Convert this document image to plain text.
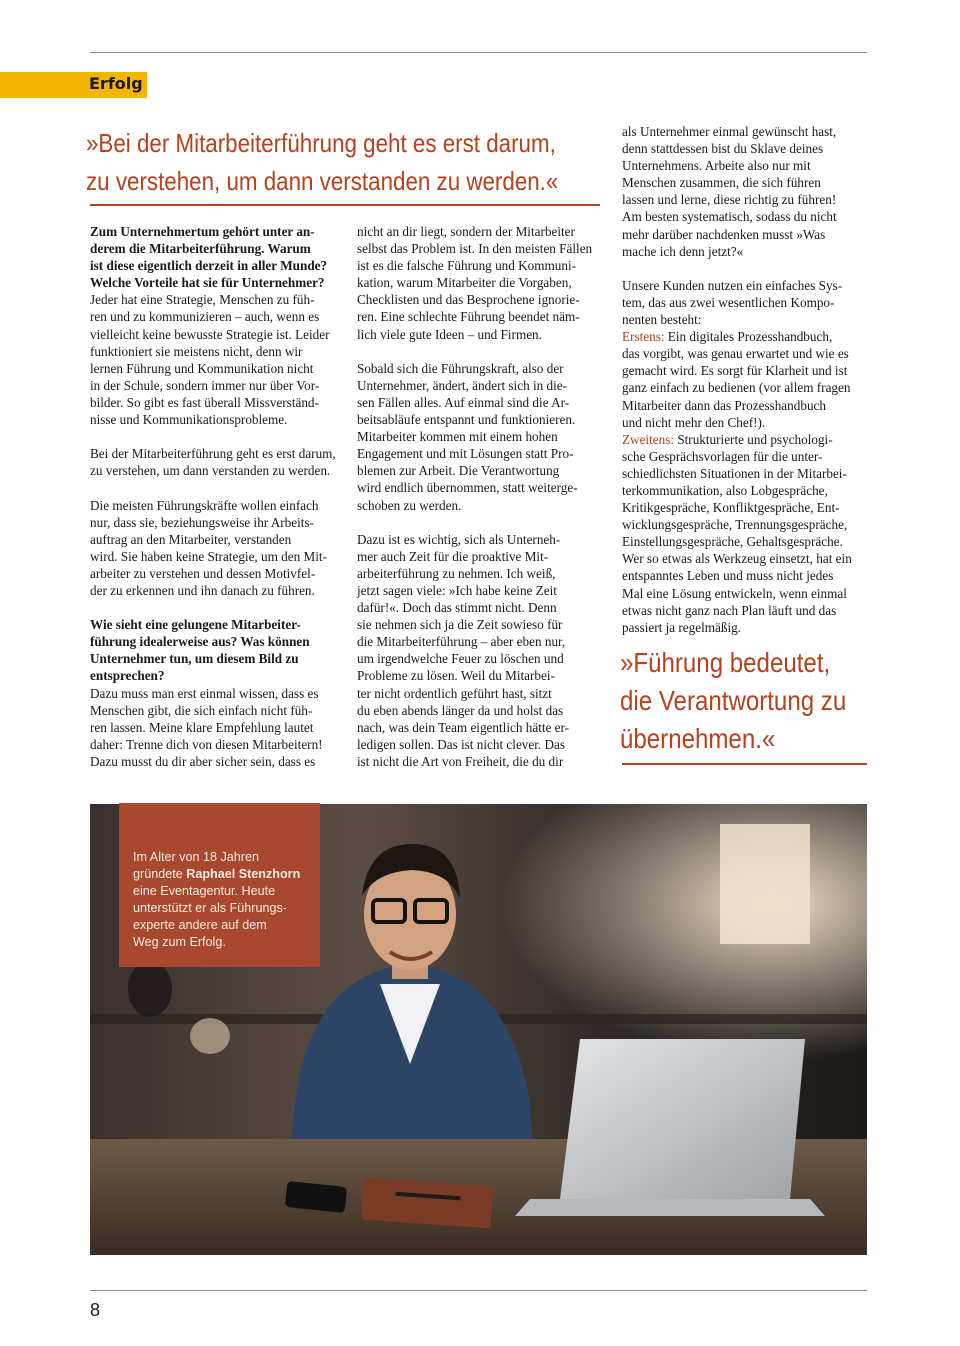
Erfolg
»Bei der Mitarbeiterführung geht es erst darum,
zu verstehen, um dann verstanden zu werden.«
Zum Unternehmertum gehört unter an-
derem die Mitarbeiterführung. Warum
ist diese eigentlich derzeit in aller Munde?
Welche Vorteile hat sie für Unternehmer?
Jeder hat eine Strategie, Menschen zu füh-
ren und zu kommunizieren – auch, wenn es
vielleicht keine bewusste Strategie ist. Leider
funktioniert sie meistens nicht, denn wir
lernen Führung und Kommunikation nicht
in der Schule, sondern immer nur über Vor-
bilder. So gibt es fast überall Missverständ-
nisse und Kommunikationsprobleme.
Bei der Mitarbeiterführung geht es erst darum,
zu verstehen, um dann verstanden zu werden.
Die meisten Führungskräfte wollen einfach
nur, dass sie, beziehungsweise ihr Arbeits-
auftrag an den Mitarbeiter, verstanden
wird. Sie haben keine Strategie, um den Mit-
arbeiter zu verstehen und dessen Motivfel-
der zu erkennen und ihn danach zu führen.
Wie sieht eine gelungene Mitarbeiter-
führung idealerweise aus? Was können
Unternehmer tun, um diesem Bild zu
entsprechen?
Dazu muss man erst einmal wissen, dass es
Menschen gibt, die sich einfach nicht füh-
ren lassen. Meine klare Empfehlung lautet
daher: Trenne dich von diesen Mitarbeitern!
Dazu musst du dir aber sicher sein, dass es
nicht an dir liegt, sondern der Mitarbeiter
selbst das Problem ist. In den meisten Fällen
ist es die falsche Führung und Kommuni-
kation, warum Mitarbeiter die Vorgaben,
Checklisten und das Besprochene ignorie-
ren. Eine schlechte Führung beendet näm-
lich viele gute Ideen – und Firmen.
Sobald sich die Führungskraft, also der
Unternehmer, ändert, ändert sich in die-
sen Fällen alles. Auf einmal sind die Ar-
beitsabläufe entspannt und funktionieren.
Mitarbeiter kommen mit einem hohen
Engagement und mit Lösungen statt Pro-
blemen zur Arbeit. Die Verantwortung
wird endlich übernommen, statt weiterge-
schoben zu werden.
Dazu ist es wichtig, sich als Unterneh-
mer auch Zeit für die proaktive Mit-
arbeiterführung zu nehmen. Ich weiß,
jetzt sagen viele: »Ich habe keine Zeit
dafür!«. Doch das stimmt nicht. Denn
sie nehmen sich ja die Zeit sowieso für
die Mitarbeiterführung – aber eben nur,
um irgendwelche Feuer zu löschen und
Probleme zu lösen. Weil du Mitarbei-
ter nicht ordentlich geführt hast, sitzt
du eben abends länger da und holst das
nach, was dein Team eigentlich hätte er-
ledigen sollen. Das ist nicht clever. Das
ist nicht die Art von Freiheit, die du dir
als Unternehmer einmal gewünscht hast,
denn stattdessen bist du Sklave deines
Unternehmens. Arbeite also nur mit
Menschen zusammen, die sich führen
lassen und lerne, diese richtig zu führen!
Am besten systematisch, sodass du nicht
mehr darüber nachdenken musst »Was
mache ich denn jetzt?«
Unsere Kunden nutzen ein einfaches Sys-
tem, das aus zwei wesentlichen Kompo-
nenten besteht:
Erstens: Ein digitales Prozesshandbuch,
das vorgibt, was genau erwartet und wie es
gemacht wird. Es sorgt für Klarheit und ist
ganz einfach zu bedienen (vor allem fragen
Mitarbeiter dann das Prozesshandbuch
und nicht mehr den Chef!).
Zweitens: Strukturierte und psychologi-
sche Gesprächsvorlagen für die unter-
schiedlichsten Situationen in der Mitarbei-
terkommunikation, also Lobgespräche,
Kritikgespräche, Konfliktgespräche, Ent-
wicklungsgespräche, Trennungsgespräche,
Einstellungsgespräche, Gehaltsgespräche.
Wer so etwas als Werkzeug einsetzt, hat ein
entspanntes Leben und muss nicht jedes
Mal eine Lösung entwickeln, wenn einmal
etwas nicht ganz nach Plan läuft und das
passiert ja regelmäßig.
»Führung bedeutet,
die Verantwortung zu
übernehmen.«
Im Alter von 18 Jahren
gründete Raphael Stenzhorn
eine Eventagentur. Heute
unterstützt er als Führungs-
experte andere auf dem
Weg zum Erfolg.
8
